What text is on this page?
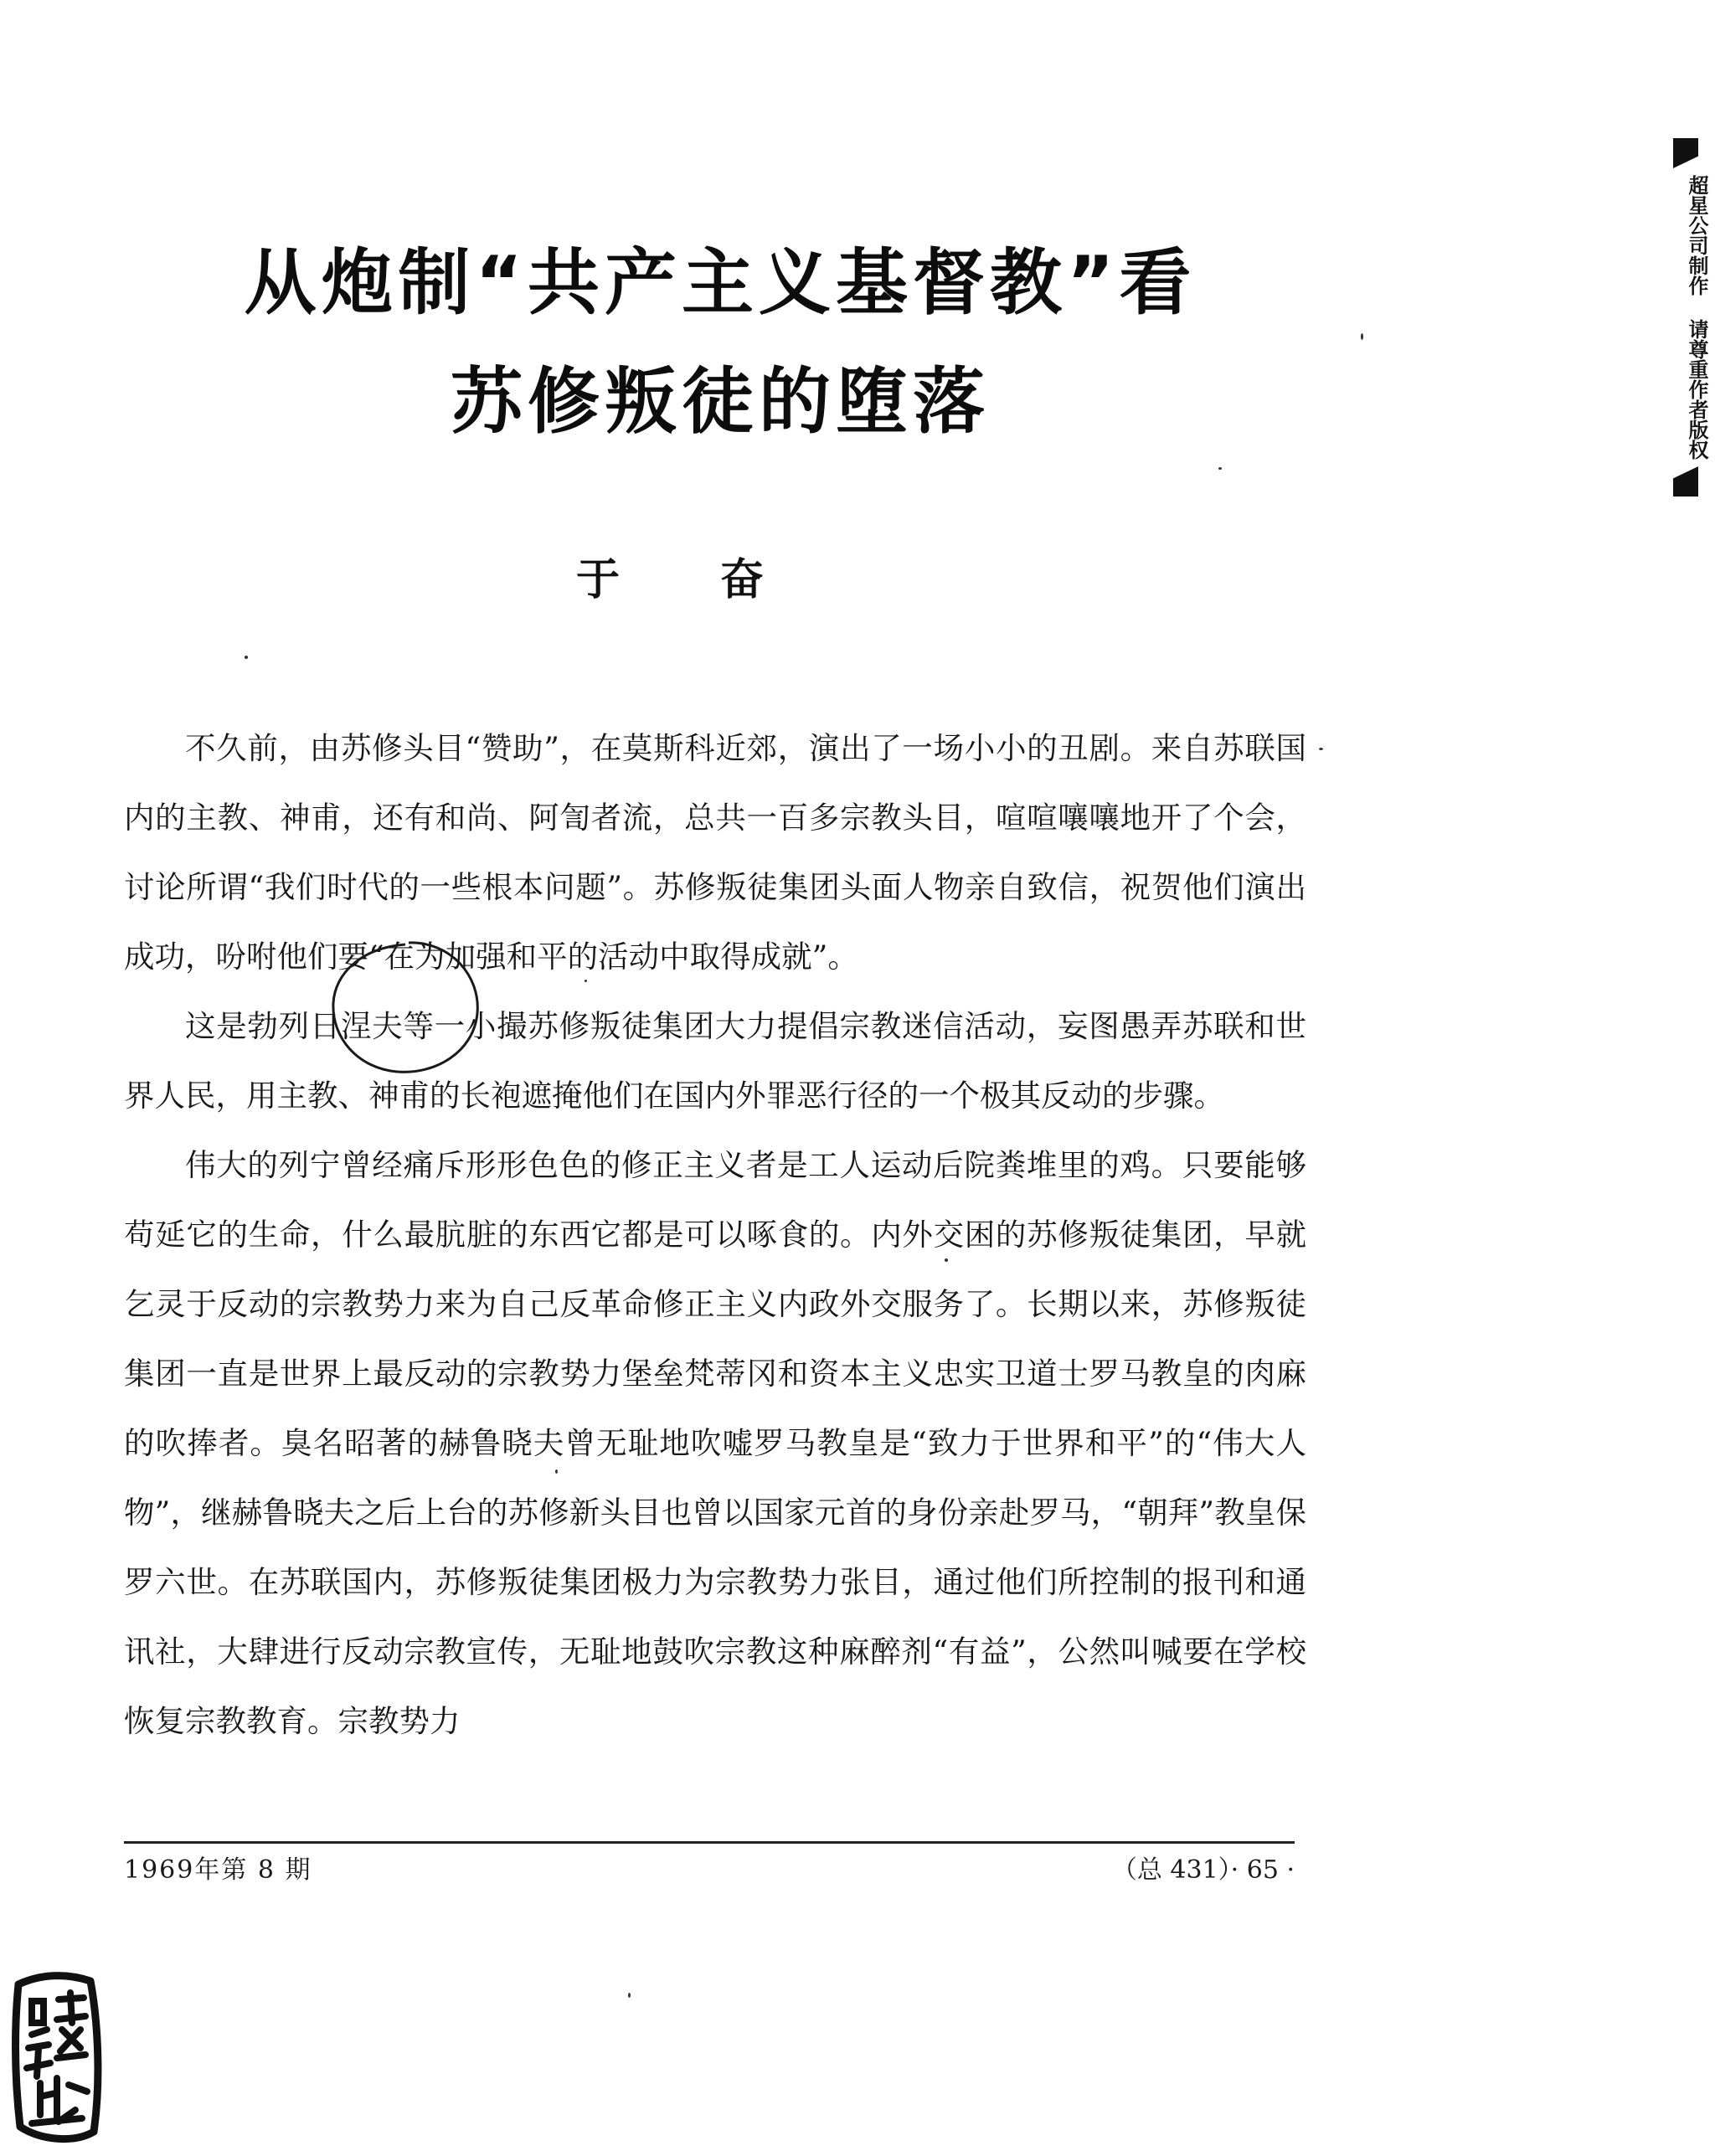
从炮制“共产主义基督教”看
苏修叛徒的堕落
于奋

不久前，由苏修头目“赞助”，在莫斯科近郊，演出了一场小小的丑剧。来自苏联国内的主教、神甫，还有和尚、阿訇者流，总共一百多宗教头目，喧喧嚷嚷地开了个会，讨论所谓“我们时代的一些根本问题”。苏修叛徒集团头面人物亲自致信，祝贺他们演出成功，吩咐他们要“在为加强和平的活动中取得成就”。

这是勃列日涅夫等一小撮苏修叛徒集团大力提倡宗教迷信活动，妄图愚弄苏联和世界人民，用主教、神甫的长袍遮掩他们在国内外罪恶行径的一个极其反动的步骤。

伟大的列宁曾经痛斥形形色色的修正主义者是工人运动后院粪堆里的鸡。只要能够苟延它的生命，什么最肮脏的东西它都是可以啄食的。内外交困的苏修叛徒集团，早就乞灵于反动的宗教势力来为自己反革命修正主义内政外交服务了。长期以来，苏修叛徒集团一直是世界上最反动的宗教势力堡垒梵蒂冈和资本主义忠实卫道士罗马教皇的肉麻的吹捧者。臭名昭著的赫鲁晓夫曾无耻地吹嘘罗马教皇是“致力于世界和平”的“伟大人物”，继赫鲁晓夫之后上台的苏修新头目也曾以国家元首的身份亲赴罗马，“朝拜”教皇保罗六世。在苏联国内，苏修叛徒集团极力为宗教势力张目，通过他们所控制的报刊和通讯社，大肆进行反动宗教宣传，无耻地鼓吹宗教这种麻醉剂“有益”，公然叫喊要在学校恢复宗教教育。宗教势力

1969年第 8 期	（总 431）· 65 ·
超星公司制作 请尊重作者版权
